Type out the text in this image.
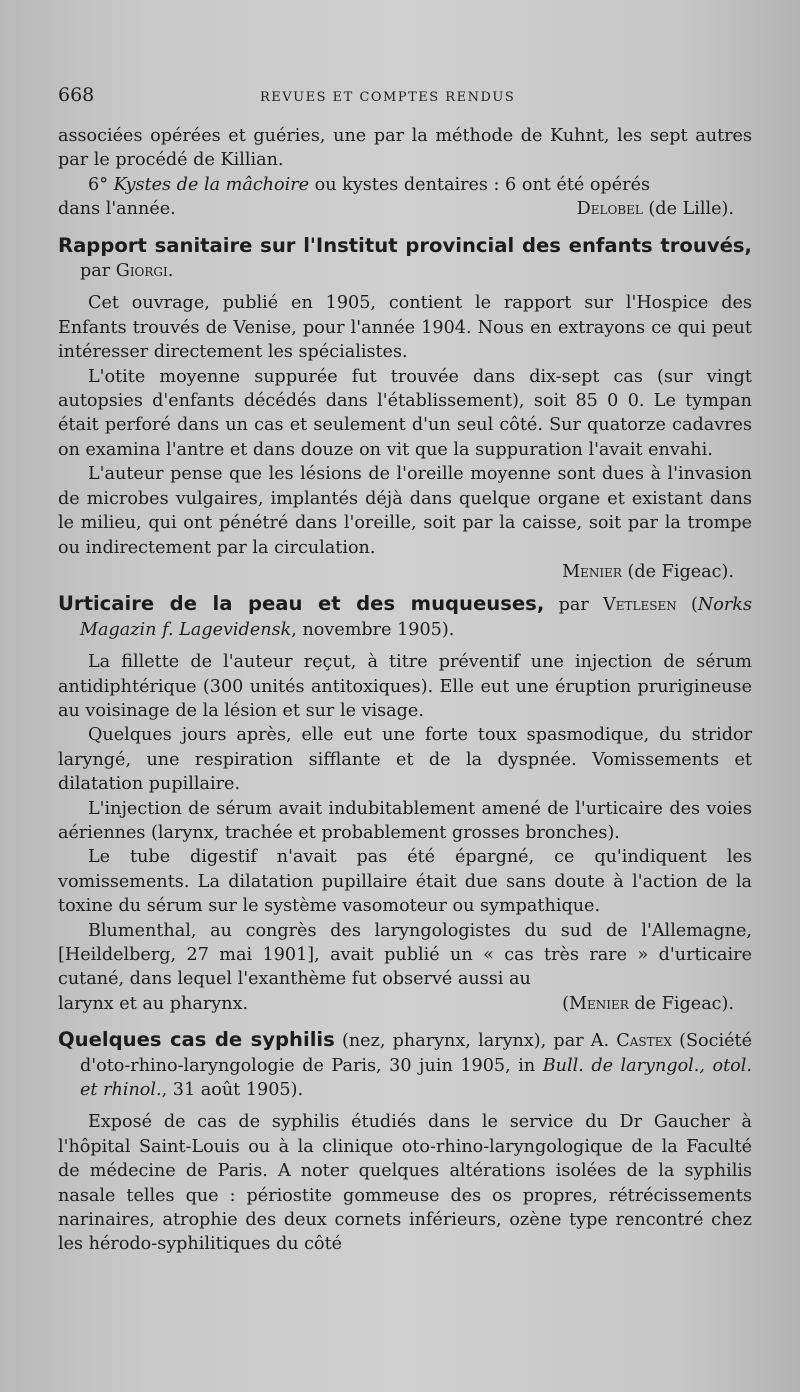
668	REVUES ET COMPTES RENDUS

associées opérées et guéries, une par la méthode de Kuhnt, les sept autres par le procédé de Killian.

6° Kystes de la mâchoire ou kystes dentaires : 6 ont été opérés

dans l'année.	Delobel (de Lille).

Rapport sanitaire sur l'Institut provincial des enfants trouvés, par Giorgi.

Cet ouvrage, publié en 1905, contient le rapport sur l'Hospice des Enfants trouvés de Venise, pour l'année 1904. Nous en extrayons ce qui peut intéresser directement les spécialistes.

L'otite moyenne suppurée fut trouvée dans dix-sept cas (sur vingt autopsies d'enfants décédés dans l'établissement), soit 85 0 0. Le tympan était perforé dans un cas et seulement d'un seul côté. Sur quatorze cadavres on examina l'antre et dans douze on vit que la suppuration l'avait envahi.

L'auteur pense que les lésions de l'oreille moyenne sont dues à l'invasion de microbes vulgaires, implantés déjà dans quelque organe et existant dans le milieu, qui ont pénétré dans l'oreille, soit par la caisse, soit par la trompe ou indirectement par la circulation.

Menier (de Figeac).

Urticaire de la peau et des muqueuses, par Vetlesen (Norks Magazin f. Lagevidensk, novembre 1905).

La fillette de l'auteur reçut, à titre préventif une injection de sérum antidiphtérique (300 unités antitoxiques). Elle eut une éruption prurigineuse au voisinage de la lésion et sur le visage.

Quelques jours après, elle eut une forte toux spasmodique, du stridor laryngé, une respiration sifflante et de la dyspnée. Vomissements et dilatation pupillaire.

L'injection de sérum avait indubitablement amené de l'urticaire des voies aériennes (larynx, trachée et probablement grosses bronches).

Le tube digestif n'avait pas été épargné, ce qu'indiquent les vomissements. La dilatation pupillaire était due sans doute à l'action de la toxine du sérum sur le système vasomoteur ou sympathique.

Blumenthal, au congrès des laryngologistes du sud de l'Allemagne, [Heildelberg, 27 mai 1901], avait publié un « cas très rare » d'urticaire cutané, dans lequel l'exanthème fut observé aussi au

larynx et au pharynx.	(Menier de Figeac).

Quelques cas de syphilis (nez, pharynx, larynx), par A. Castex (Société d'oto-rhino-laryngologie de Paris, 30 juin 1905, in Bull. de laryngol., otol. et rhinol., 31 août 1905).

Exposé de cas de syphilis étudiés dans le service du Dr Gaucher à l'hôpital Saint-Louis ou à la clinique oto-rhino-laryngologique de la Faculté de médecine de Paris. A noter quelques altérations isolées de la syphilis nasale telles que : périostite gommeuse des os propres, rétrécissements narinaires, atrophie des deux cornets inférieurs, ozène type rencontré chez les hérodo-syphilitiques du côté
